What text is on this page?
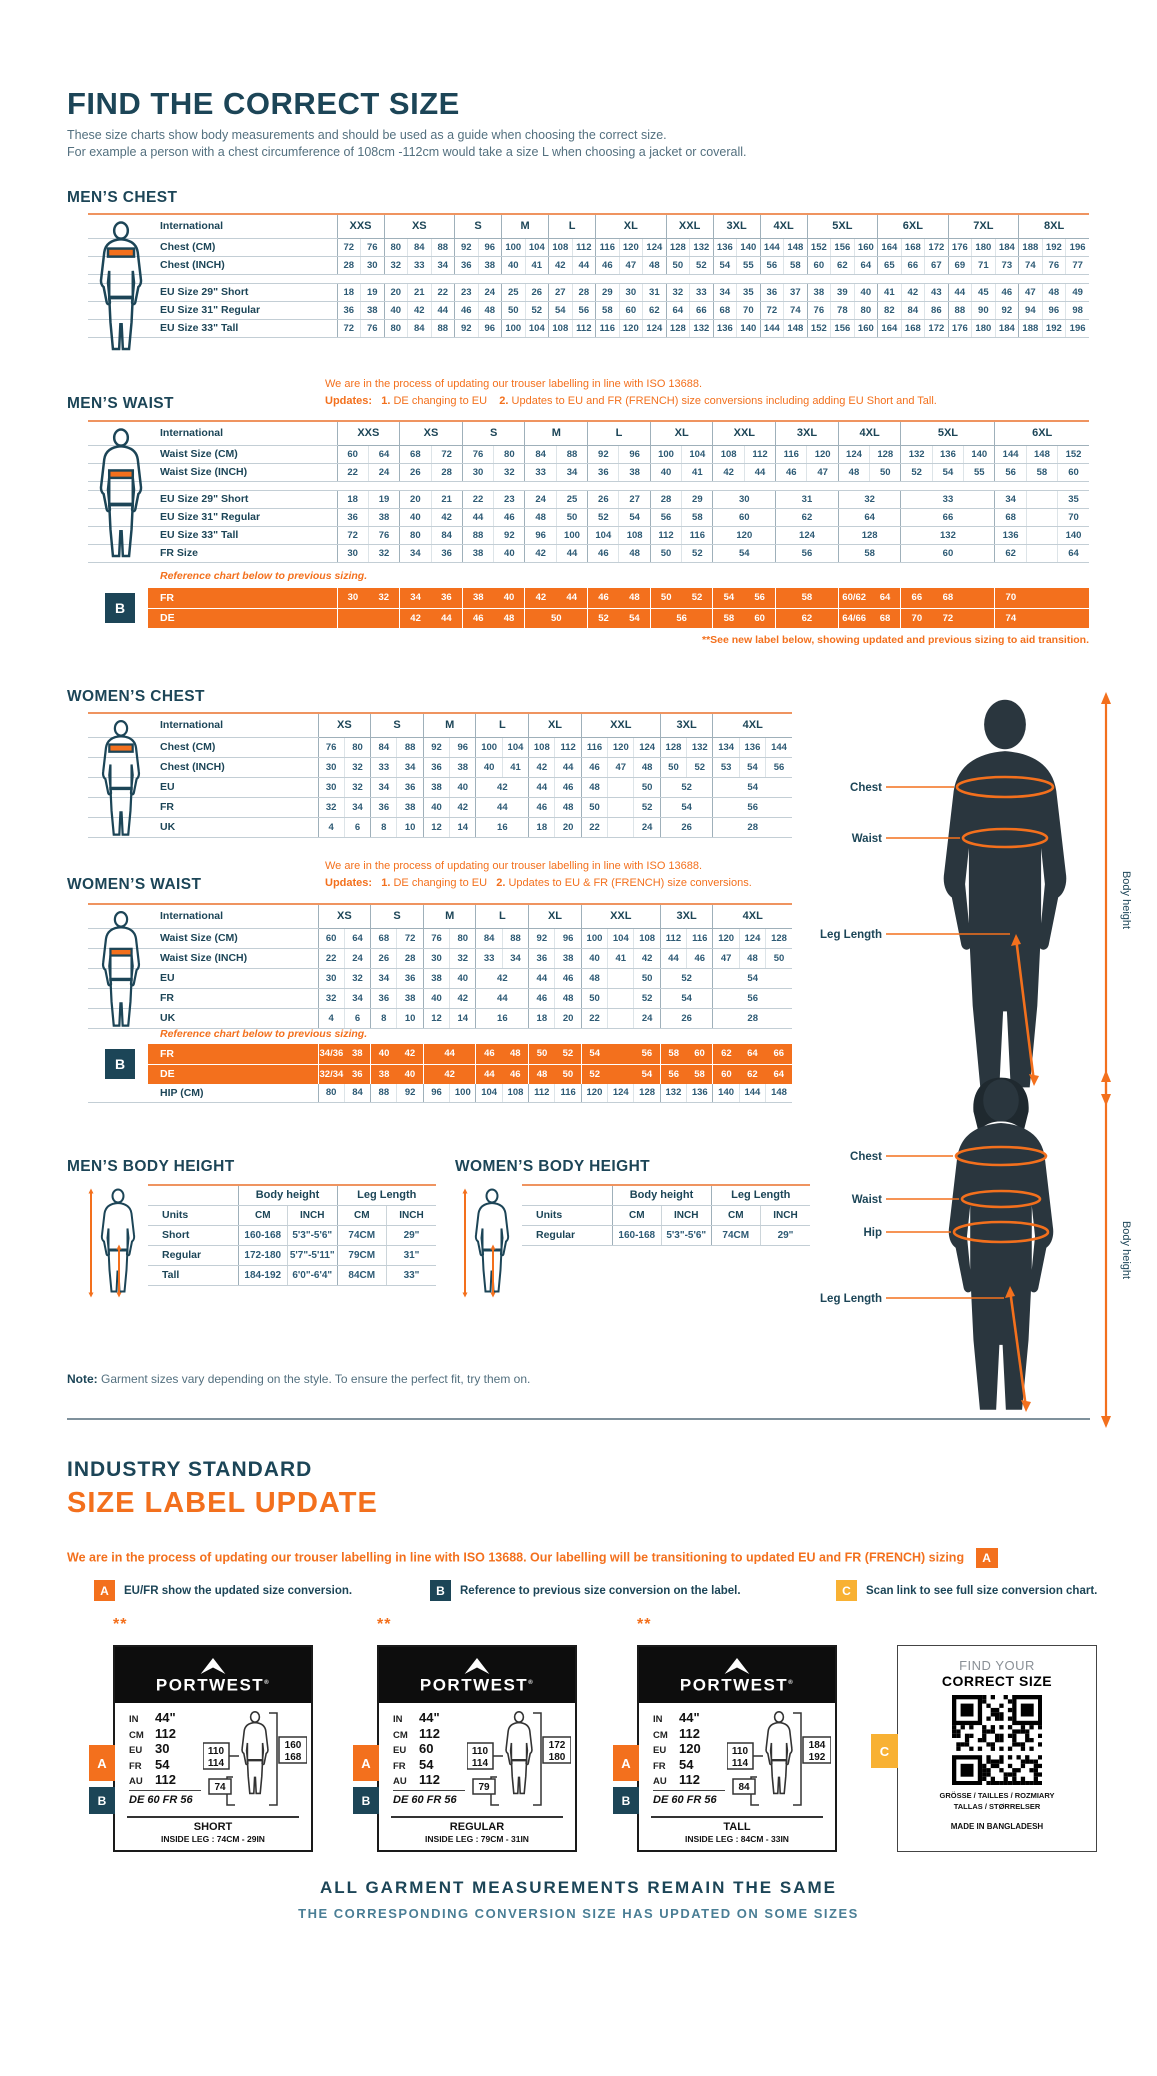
FIND THE CORRECT SIZE
These size charts show body measurements and should be used as a guide when choosing the correct size.
For example a person with a chest circumference of 108cm -112cm would take a size L when choosing a jacket or coverall.
MEN’S CHEST
International	XXS		XS			S		M		L		XL			XXL		3XL		4XL		5XL			6XL			7XL			8XL		
Chest (CM)	72	76	80	84	88	92	96	100	104	108	112	116	120	124	128	132	136	140	144	148	152	156	160	164	168	172	176	180	184	188	192	196
Chest (INCH)	28	30	32	33	34	36	38	40	41	42	44	46	47	48	50	52	54	55	56	58	60	62	64	65	66	67	69	71	73	74	76	77

EU Size 29" Short	18	19	20	21	22	23	24	25	26	27	28	29	30	31	32	33	34	35	36	37	38	39	40	41	42	43	44	45	46	47	48	49
EU Size 31" Regular	36	38	40	42	44	46	48	50	52	54	56	58	60	62	64	66	68	70	72	74	76	78	80	82	84	86	88	90	92	94	96	98
EU Size 33" Tall	72	76	80	84	88	92	96	100	104	108	112	116	120	124	128	132	136	140	144	148	152	156	160	164	168	172	176	180	184	188	192	196
We are in the process of updating our trouser labelling in line with ISO 13688.
Updates: 1. DE changing to EU 2. Updates to EU and FR (FRENCH) size conversions including adding EU Short and Tall.
MEN’S WAIST
International	XXS		XS		S		M		L		XL		XXL		3XL		4XL		5XL			6XL		
Waist Size (CM)	60	64	68	72	76	80	84	88	92	96	100	104	108	112	116	120	124	128	132	136	140	144	148	152
Waist Size (INCH)	22	24	26	28	30	32	33	34	36	38	40	41	42	44	46	47	48	50	52	54	55	56	58	60

EU Size 29" Short	18	19	20	21	22	23	24	25	26	27	28	29	30		31		32		33			34		35
EU Size 31" Regular	36	38	40	42	44	46	48	50	52	54	56	58	60		62		64		66			68		70
EU Size 33" Tall	72	76	80	84	88	92	96	100	104	108	112	116	120		124		128		132			136		140
FR Size	30	32	34	36	38	40	42	44	46	48	50	52	54		56		58		60			62		64
Reference chart below to previous sizing.
FR	30	32	34	36	38	40	42	44	46	48	50	52	54	56	58	60/62	64	66	68		70		
DE			42	44	46	48	50		52	54	56		58	60	62	64/66	68	70	72		74		
B
**See new label below, showing updated and previous sizing to aid transition.
WOMEN’S CHEST
International	XS		S		M		L		XL		XXL			3XL		4XL		
Chest (CM)	76	80	84	88	92	96	100	104	108	112	116	120	124	128	132	134	136	144
Chest (INCH)	30	32	33	34	36	38	40	41	42	44	46	47	48	50	52	53	54	56
EU	30	32	34	36	38	40	42		44	46	48		50	52		54		
FR	32	34	36	38	40	42	44		46	48	50		52	54		56		
UK	4	6	8	10	12	14	16		18	20	22		24	26		28		
We are in the process of updating our trouser labelling in line with ISO 13688.
Updates: 1. DE changing to EU 2. Updates to EU & FR (FRENCH) size conversions.
WOMEN’S WAIST
International	XS		S		M		L		XL		XXL			3XL		4XL		
Waist Size (CM)	60	64	68	72	76	80	84	88	92	96	100	104	108	112	116	120	124	128
Waist Size (INCH)	22	24	26	28	30	32	33	34	36	38	40	41	42	44	46	47	48	50
EU	30	32	34	36	38	40	42		44	46	48		50	52		54		
FR	32	34	36	38	40	42	44		46	48	50		52	54		56		
UK	4	6	8	10	12	14	16		18	20	22		24	26		28		
Reference chart below to previous sizing.
FR	34/36	38	40	42	44	46	48	50	52	54		56	58	60	62	64	66
DE	32/34	36	38	40	42	44	46	48	50	52		54	56	58	60	62	64
B
HIP (CM)	80	84	88	92	96	100	104	108	112	116	120	124	128	132	136	140	144	148
MEN’S BODY HEIGHT
	Body height		Leg Length	
Units	CM	INCH	CM	INCH
Short	160-168	5'3"-5'6"	74CM	29"
Regular	172-180	5'7"-5'11"	79CM	31"
Tall	184-192	6'0"-6'4"	84CM	33"
WOMEN’S BODY HEIGHT
	Body height		Leg Length	
Units	CM	INCH	CM	INCH
Regular	160-168	5'3"-5'6"	74CM	29"
Chest
Waist
Leg Length
Body height
Chest
Waist
Hip
Leg Length
Body height
Note: Garment sizes vary depending on the style. To ensure the perfect fit, try them on.
INDUSTRY STANDARD
SIZE LABEL UPDATE
We are in the process of updating our trouser labelling in line with ISO 13688. Our labelling will be transitioning to updated EU and FR (FRENCH) sizing A
A	EU/FR show the updated size conversion.	B	Reference to previous size conversion on the label.	C	Scan link to see full size conversion chart.
**
PORTWEST®
IN	44"
CM 112
EU 30
FR	54
AU 112
DE 60 FR 56
110
114
160
168
74
A
B
SHORT
INSIDE LEG : 74CM - 29IN
**
PORTWEST®
IN	44"
CM 112
EU 60
FR	54
AU 112
DE 60 FR 56
110
114
172
180
79
A
B
REGULAR
INSIDE LEG : 79CM - 31IN
**
PORTWEST®
IN	44"
CM 112
EU 120
FR	54
AU 112
DE 60 FR 56
110
114
184
192
84
A
B
TALL
INSIDE LEG : 84CM - 33IN
C
FIND YOUR
CORRECT SIZE
GRÖSSE / TAILLES / ROZMIARY
TALLAS / STØRRELSER
MADE IN BANGLADESH
ALL GARMENT MEASUREMENTS REMAIN THE SAME
THE CORRESPONDING CONVERSION SIZE HAS UPDATED ON SOME SIZES
